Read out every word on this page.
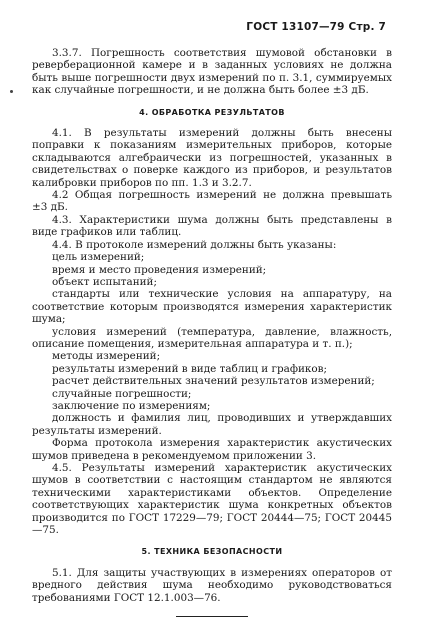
ГОСТ 13107—79 Стр. 7

3.3.7. Погрешность соответствия шумовой обстановки в реверберационной камере и в заданных условиях не должна быть выше погрешности двух измерений по п. 3.1, суммируемых как случайные погрешности, и не должна быть более ±3 дБ.

4. ОБРАБОТКА РЕЗУЛЬТАТОВ

4.1. В результаты измерений должны быть внесены поправки к показаниям измерительных приборов, которые складываются алгебраически из погрешностей, указанных в свидетельствах о поверке каждого из приборов, и результатов калибровки приборов по пп. 1.3 и 3.2.7.

4.2 Общая погрешность измерений не должна превышать ±3 дБ.

4.3. Характеристики шума должны быть представлены в виде графиков или таблиц.

4.4. В протоколе измерений должны быть указаны:

цель измерений;

время и место проведения измерений;

объект испытаний;

стандарты или технические условия на аппаратуру, на соответствие которым производятся измерения характеристик шума;

условия измерений (температура, давление, влажность, описание помещения, измерительная аппаратура и т. п.);

методы измерений;

результаты измерений в виде таблиц и графиков;

расчет действительных значений результатов измерений;

случайные погрешности;

заключение по измерениям;

должность и фамилия лиц, проводивших и утверждавших результаты измерений.

Форма протокола измерения характеристик акустических шумов приведена в рекомендуемом приложении 3.

4.5. Результаты измерений характеристик акустических шумов в соответствии с настоящим стандартом не являются техническими характеристиками объектов. Определение соответствующих характеристик шума конкретных объектов производится по ГОСТ 17229—79; ГОСТ 20444—75; ГОСТ 20445—75.

5. ТЕХНИКА БЕЗОПАСНОСТИ

5.1. Для защиты участвующих в измерениях операторов от вредного действия шума необходимо руководствоваться требованиями ГОСТ 12.1.003—76.
